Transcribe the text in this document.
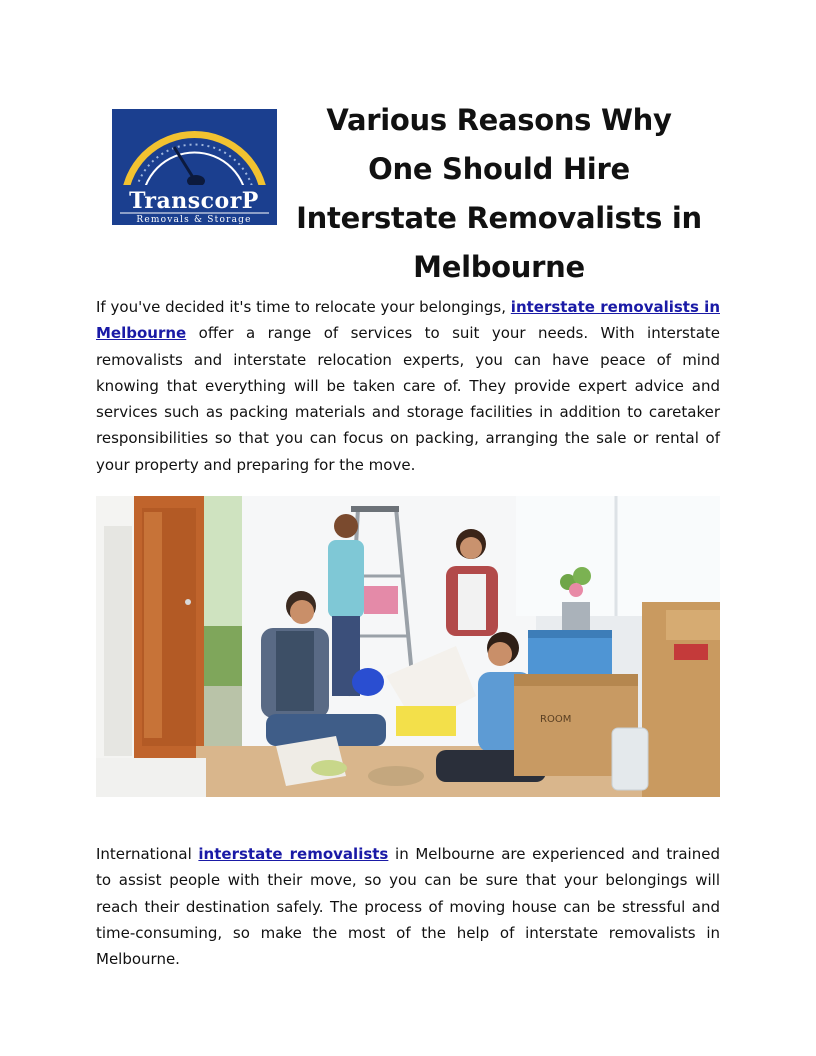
TranscorP
Removals & Storage
Various Reasons Why One Should Hire Interstate Removalists in Melbourne

If you've decided it's time to relocate your belongings, interstate removalists in Melbourne offer a range of services to suit your needs. With interstate removalists and interstate relocation experts, you can have peace of mind knowing that everything will be taken care of. They provide expert advice and services such as packing materials and storage facilities in addition to caretaker responsibilities so that you can focus on packing, arranging the sale or rental of your property and preparing for the move.

ROOM

International interstate removalists in Melbourne are experienced and trained to assist people with their move, so you can be sure that your belongings will reach their destination safely. The process of moving house can be stressful and time-consuming, so make the most of the help of interstate removalists in Melbourne.
